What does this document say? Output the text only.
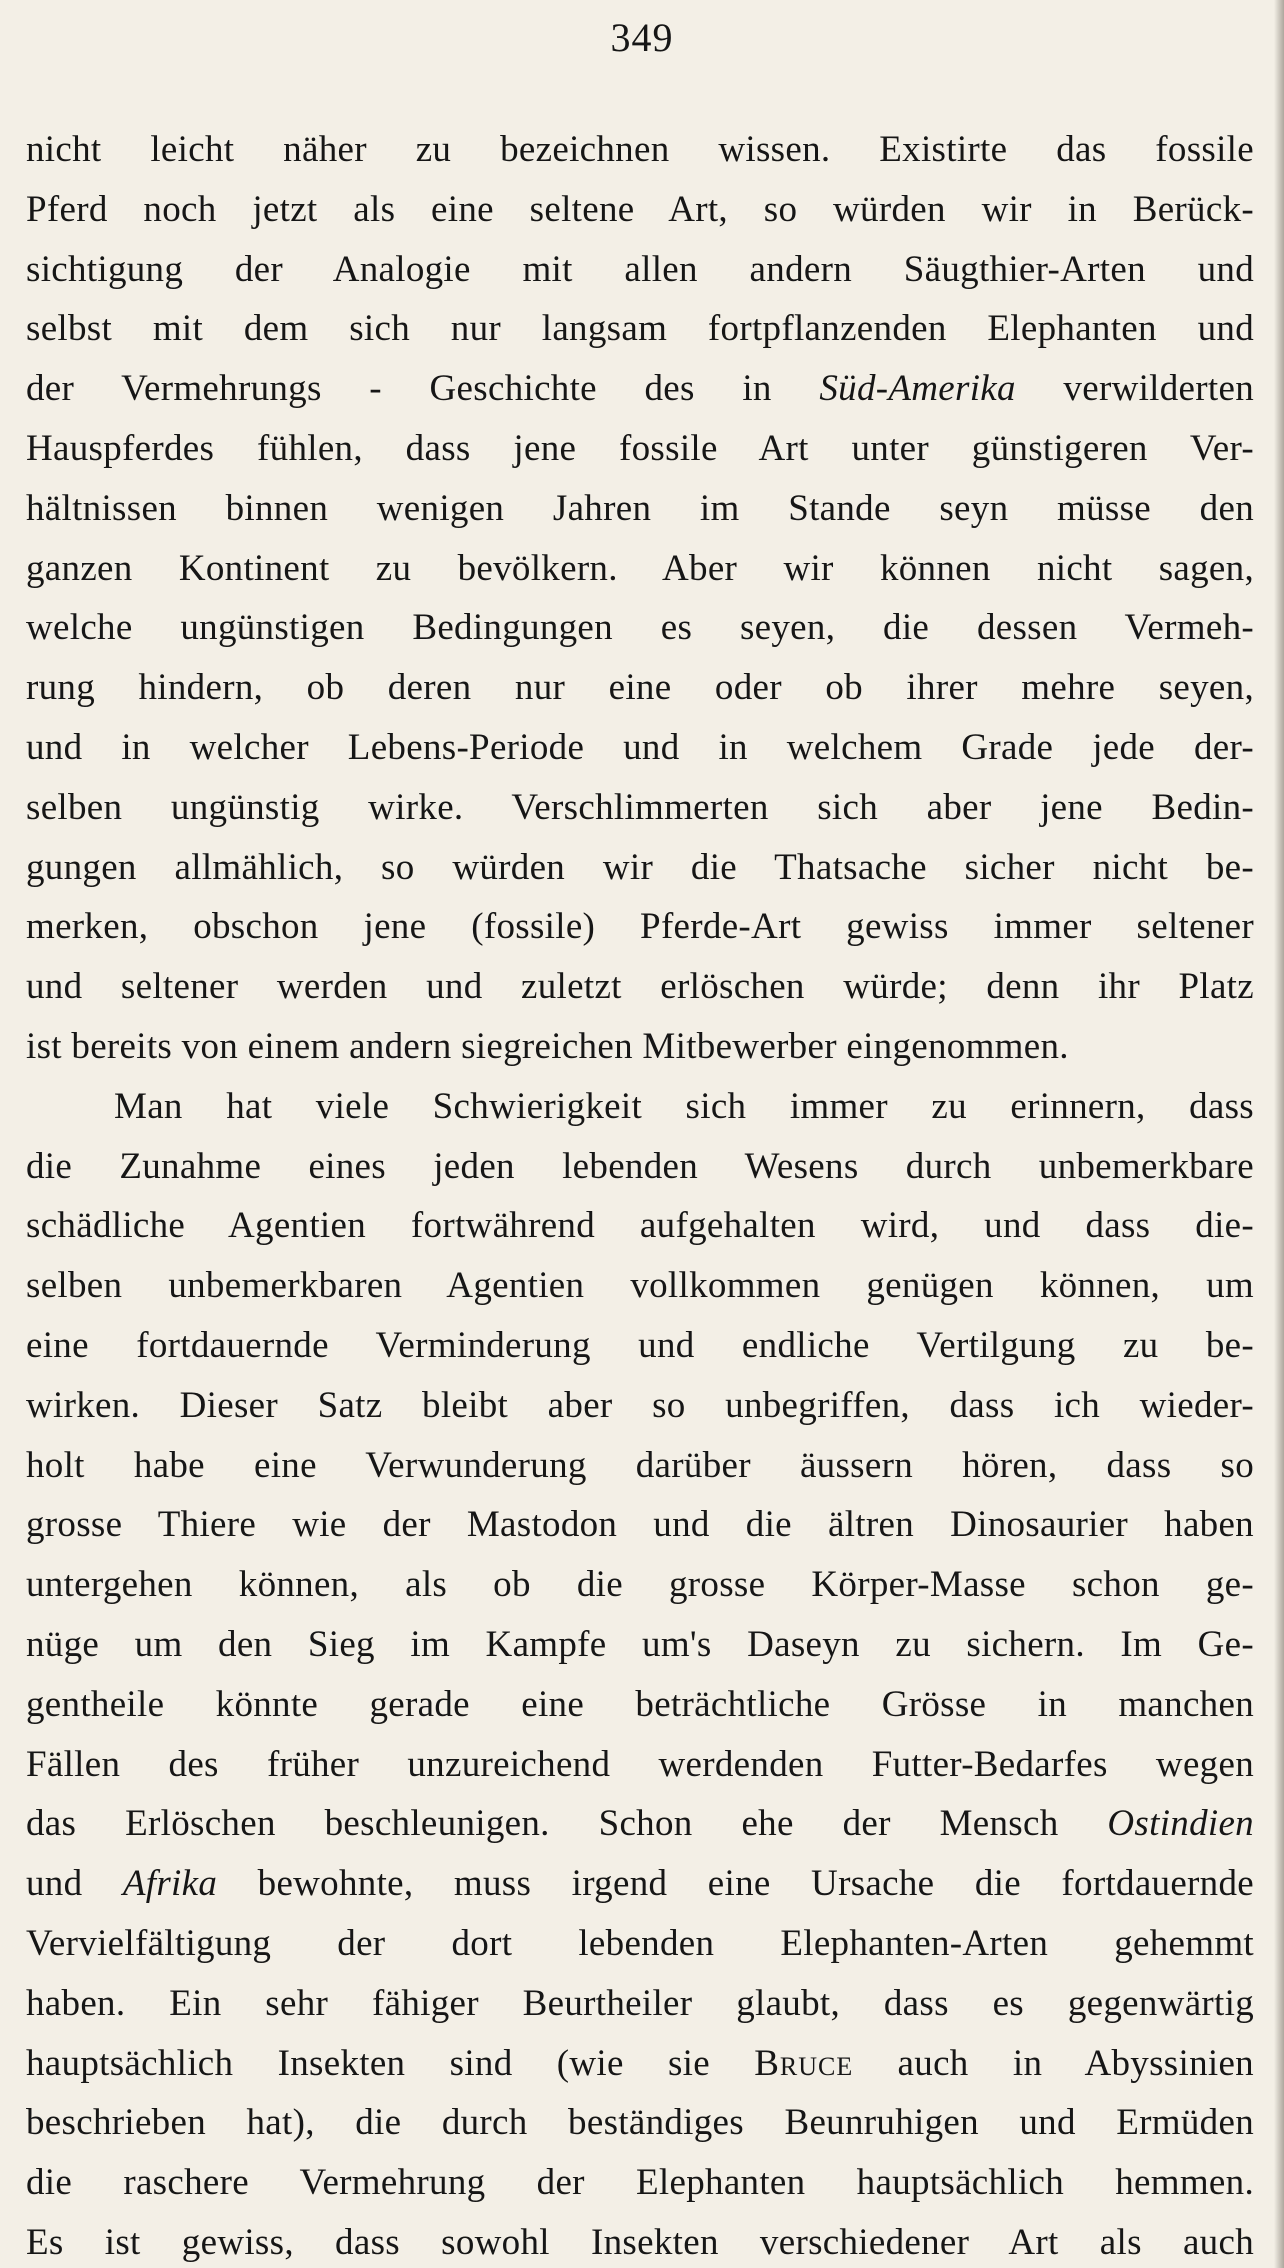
349
nicht leicht näher zu bezeichnen wissen. Existirte das fossile
Pferd noch jetzt als eine seltene Art, so würden wir in Berück-
sichtigung der Analogie mit allen andern Säugthier-Arten und
selbst mit dem sich nur langsam fortpflanzenden Elephanten und
der Vermehrungs - Geschichte des in Süd-Amerika verwilderten
Hauspferdes fühlen, dass jene fossile Art unter günstigeren Ver-
hältnissen binnen wenigen Jahren im Stande seyn müsse den
ganzen Kontinent zu bevölkern. Aber wir können nicht sagen,
welche ungünstigen Bedingungen es seyen, die dessen Vermeh-
rung hindern, ob deren nur eine oder ob ihrer mehre seyen,
und in welcher Lebens-Periode und in welchem Grade jede der-
selben ungünstig wirke. Verschlimmerten sich aber jene Bedin-
gungen allmählich, so würden wir die Thatsache sicher nicht be-
merken, obschon jene (fossile) Pferde-Art gewiss immer seltener
und seltener werden und zuletzt erlöschen würde; denn ihr Platz
ist bereits von einem andern siegreichen Mitbewerber eingenommen.
Man hat viele Schwierigkeit sich immer zu erinnern, dass
die Zunahme eines jeden lebenden Wesens durch unbemerkbare
schädliche Agentien fortwährend aufgehalten wird, und dass die-
selben unbemerkbaren Agentien vollkommen genügen können, um
eine fortdauernde Verminderung und endliche Vertilgung zu be-
wirken. Dieser Satz bleibt aber so unbegriffen, dass ich wieder-
holt habe eine Verwunderung darüber äussern hören, dass so
grosse Thiere wie der Mastodon und die ältren Dinosaurier haben
untergehen können, als ob die grosse Körper-Masse schon ge-
nüge um den Sieg im Kampfe um's Daseyn zu sichern. Im Ge-
gentheile könnte gerade eine beträchtliche Grösse in manchen
Fällen des früher unzureichend werdenden Futter-Bedarfes wegen
das Erlöschen beschleunigen. Schon ehe der Mensch Ostindien
und Afrika bewohnte, muss irgend eine Ursache die fortdauernde
Vervielfältigung der dort lebenden Elephanten-Arten gehemmt
haben. Ein sehr fähiger Beurtheiler glaubt, dass es gegenwärtig
hauptsächlich Insekten sind (wie sie Bruce auch in Abyssinien
beschrieben hat), die durch beständiges Beunruhigen und Ermüden
die raschere Vermehrung der Elephanten hauptsächlich hemmen.
Es ist gewiss, dass sowohl Insekten verschiedener Art als auch
